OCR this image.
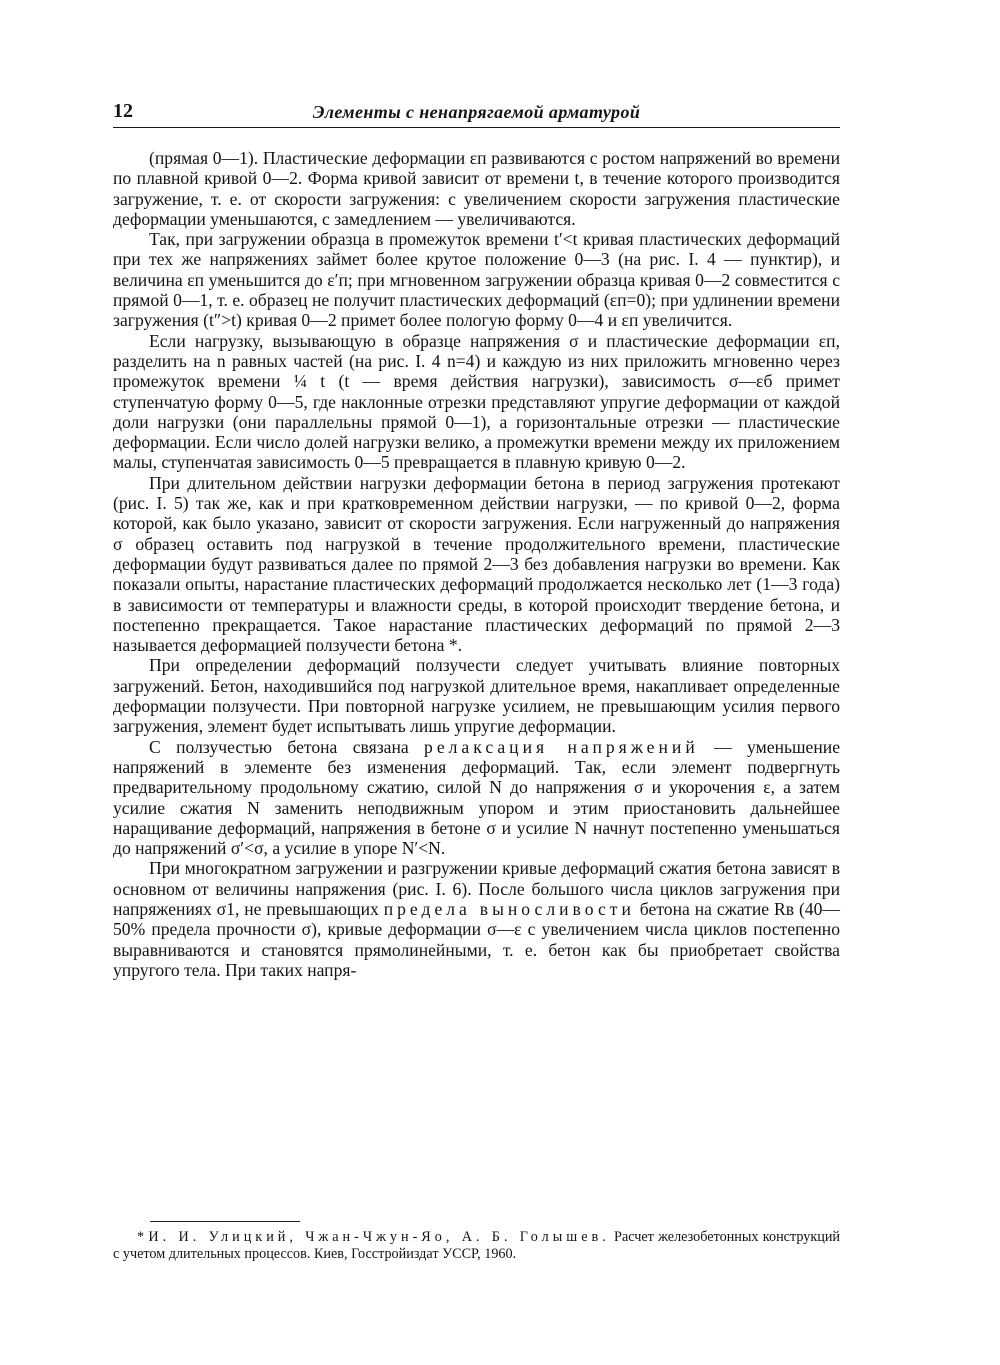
12	Элементы с ненапрягаемой арматурой

(прямая 0—1). Пластические деформации εп развиваются с ростом напряжений во времени по плавной кривой 0—2. Форма кривой зависит от времени t, в течение которого производится загружение, т. е. от скорости загружения: с увеличением скорости загружения пластические деформации уменьшаются, с замедлением — увеличиваются.

Так, при загружении образца в промежуток времени t′<t кривая пластических деформаций при тех же напряжениях займет более крутое положение 0—3 (на рис. I. 4 — пунктир), и величина εп уменьшится до ε′п; при мгновенном загружении образца кривая 0—2 совместится с прямой 0—1, т. е. образец не получит пластических деформаций (εп=0); при удлинении времени загружения (t″>t) кривая 0—2 примет более пологую форму 0—4 и εп увеличится.

Если нагрузку, вызывающую в образце напряжения σ и пластические деформации εп, разделить на n равных частей (на рис. I. 4 n=4) и каждую из них приложить мгновенно через промежуток времени ¼ t (t — время действия нагрузки), зависимость σ—εб примет ступенчатую форму 0—5, где наклонные отрезки представляют упругие деформации от каждой доли нагрузки (они параллельны прямой 0—1), а горизонтальные отрезки — пластические деформации. Если число долей нагрузки велико, а промежутки времени между их приложением малы, ступенчатая зависимость 0—5 превращается в плавную кривую 0—2.

При длительном действии нагрузки деформации бетона в период загружения протекают (рис. I. 5) так же, как и при кратковременном действии нагрузки, — по кривой 0—2, форма которой, как было указано, зависит от скорости загружения. Если нагруженный до напряжения σ образец оставить под нагрузкой в течение продолжительного времени, пластические деформации будут развиваться далее по прямой 2—3 без добавления нагрузки во времени. Как показали опыты, нарастание пластических деформаций продолжается несколько лет (1—3 года) в зависимости от температуры и влажности среды, в которой происходит твердение бетона, и постепенно прекращается. Такое нарастание пластических деформаций по прямой 2—3 называется деформацией ползучести бетона *.

При определении деформаций ползучести следует учитывать влияние повторных загружений. Бетон, находившийся под нагрузкой длительное время, накапливает определенные деформации ползучести. При повторной нагрузке усилием, не превышающим усилия первого загружения, элемент будет испытывать лишь упругие деформации.

С ползучестью бетона связана релаксация напряжений — уменьшение напряжений в элементе без изменения деформаций. Так, если элемент подвергнуть предварительному продольному сжатию, силой N до напряжения σ и укорочения ε, а затем усилие сжатия N заменить неподвижным упором и этим приостановить дальнейшее наращивание деформаций, напряжения в бетоне σ и усилие N начнут постепенно уменьшаться до напряжений σ′<σ, а усилие в упоре N′<N.

При многократном загружении и разгружении кривые деформаций сжатия бетона зависят в основном от величины напряжения (рис. I. 6). После большого числа циклов загружения при напряжениях σ1, не превышающих предела выносливости бетона на сжатие Rв (40—50% предела прочности σ), кривые деформации σ—ε с увеличением числа циклов постепенно выравниваются и становятся прямолинейными, т. е. бетон как бы приобретает свойства упругого тела. При таких напря-

* И. И. Улицкий, Чжан-Чжун-Яо, А. Б. Голышев. Расчет железобетонных конструкций с учетом длительных процессов. Киев, Госстройиздат УССР, 1960.
